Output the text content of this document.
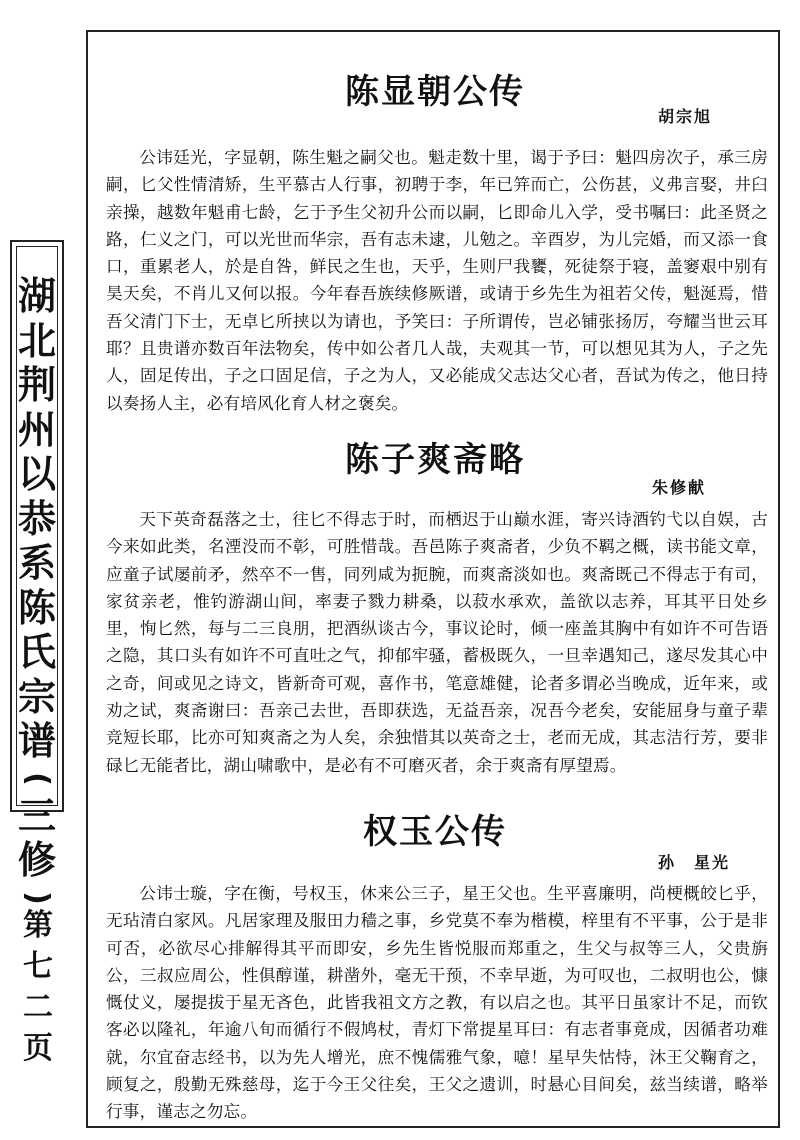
湖
北
荆
州
以
恭
系
陈
氏
宗
谱
(
三
修
)
第
七
二
页
陈显朝公传
胡宗旭
公讳廷光，字显朝，陈生魁之嗣父也。魁走数十里，谒于予曰：魁四房次子，承三房嗣，匕父性情清矫，生平慕古人行事，初聘于李，年已笄而亡，公伤甚，义弗言娶，井臼亲操，越数年魁甫七龄，乞于予生父初升公而以嗣，匕即命儿入学，受书嘱曰：此圣贤之路，仁义之门，可以光世而华宗，吾有志未逮，儿勉之。辛酉岁，为儿完婚，而又添一食口，重累老人，於是自咎，鲜民之生也，天乎，生则尸我饔，死徒祭于寝，盖窭艰中别有昊天矣，不肖儿又何以报。今年春吾族续修厥谱，或请于乡先生为祖若父传，魁涎焉，惜吾父清门下士，无卓匕所挟以为请也，予笑曰：子所谓传，岂必铺张扬厉，夸耀当世云耳耶？且贵谱亦数百年法物矣，传中如公者几人哉，夫观其一节，可以想见其为人，子之先人，固足传出，子之口固足信，子之为人，又必能成父志达父心者，吾试为传之，他日持以奏扬人主，必有培风化育人材之褒矣。
陈子爽斋略
朱修献
天下英奇磊落之士，往匕不得志于时，而栖迟于山巅水涯，寄兴诗酒钓弋以自娱，古今来如此类，名湮没而不彰，可胜惜哉。吾邑陈子爽斋者，少负不羁之概，读书能文章，应童子试屡前矛，然卒不一售，同列咸为扼腕，而爽斋淡如也。爽斋既己不得志于有司，家贫亲老，惟钓游湖山间，率妻子戮力耕桑，以菽水承欢，盖欲以志养，耳其平日处乡里，恂匕然，每与二三良朋，把酒纵谈古今，事议论时，倾一座盖其胸中有如许不可告语之隐，其口头有如许不可直吐之气，抑郁牢骚，蓄极既久，一旦幸遇知己，遂尽发其心中之奇，间或见之诗文，皆新奇可观，喜作书，笔意雄健，论者多谓必当晚成，近年来，或劝之试，爽斋谢曰：吾亲己去世，吾即获选，无益吾亲，况吾今老矣，安能屈身与童子辈竞短长耶，比亦可知爽斋之为人矣，余独惜其以英奇之士，老而无成，其志洁行芳，要非碌匕无能者比，湖山啸歌中，是必有不可磨灭者，余于爽斋有厚望焉。
权玉公传
孙　星光
公讳士璇，字在衡，号权玉，休来公三子，星王父也。生平喜廉明，尚梗概皎匕乎，无玷清白家风。凡居家理及服田力穑之事，乡党莫不奉为楷模，梓里有不平事，公于是非可否，必欲尽心排解得其平而即安，乡先生皆悦服而郑重之，生父与叔等三人，父贵旃公，三叔应周公，性俱醇谨，耕凿外，毫无干预，不幸早逝，为可叹也，二叔明也公，慷慨仗义，屡提拔于星无吝色，此皆我祖文方之教，有以启之也。其平日虽家计不足，而钦客必以隆礼，年逾八旬而循行不假鸠杖，青灯下常提星耳曰：有志者事竟成，因循者功难就，尔宜奋志经书，以为先人增光，庶不愧儒雅气象，噫！星早失怙恃，沐王父鞠育之，顾复之，殷勤无殊慈母，迄于今王父往矣，王父之遗训，时悬心目间矣，兹当续谱，略举行事，谨志之勿忘。
